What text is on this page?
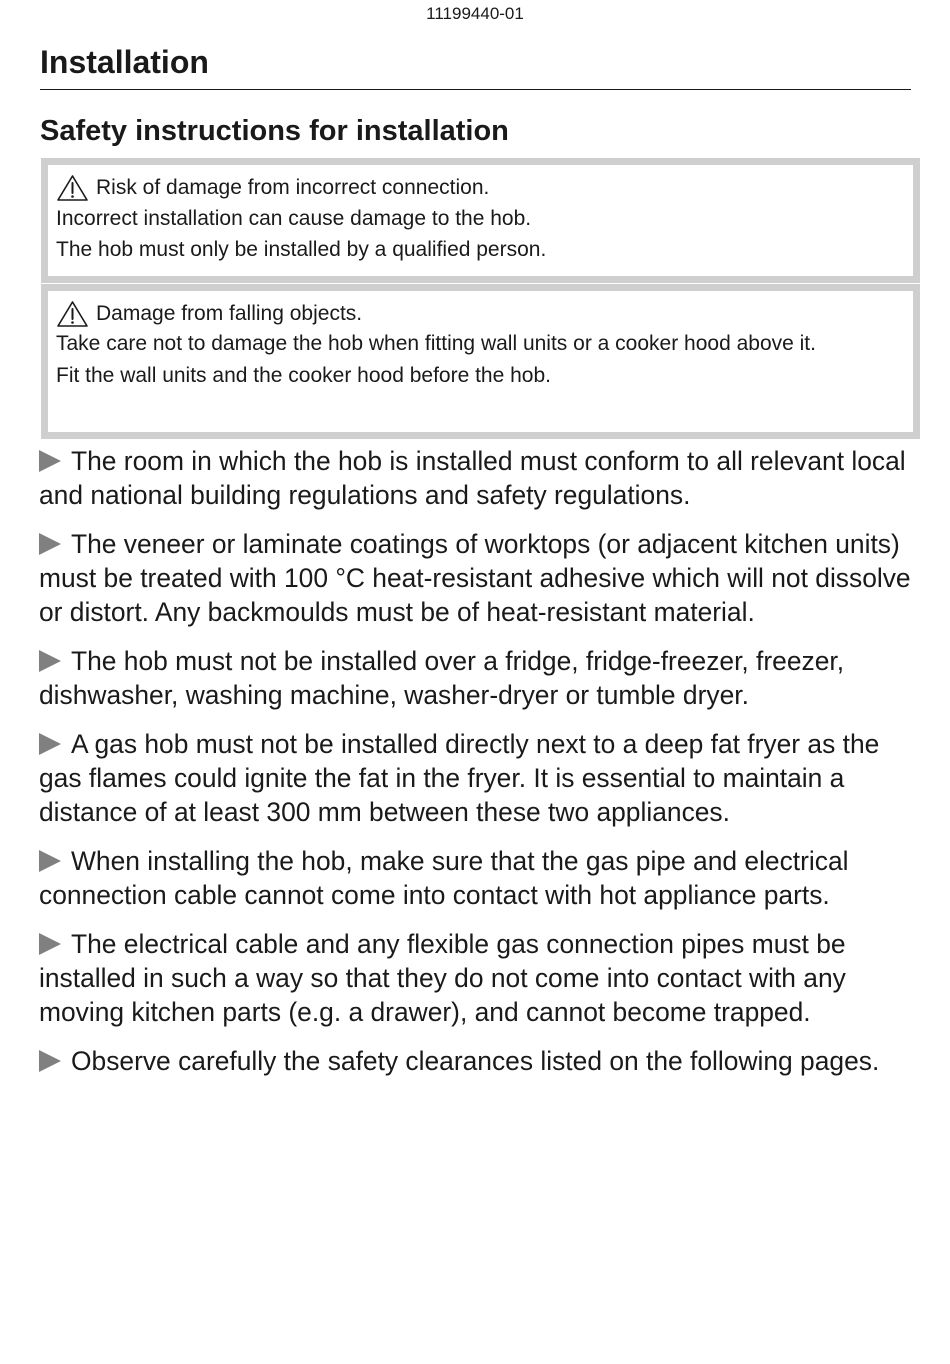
11199440-01
Installation
Safety instructions for installation

Risk of damage from incorrect connection.

Incorrect installation can cause damage to the hob.

The hob must only be installed by a qualified person.

Damage from falling objects.

Take care not to damage the hob when fitting wall units or a cooker hood above it.

Fit the wall units and the cooker hood before the hob.

The room in which the hob is installed must conform to all relevant local and national building regulations and safety regulations.

The veneer or laminate coatings of worktops (or adjacent kitchen units) must be treated with 100 °C heat-resistant adhesive which will not dissolve or distort. Any backmoulds must be of heat-resistant material.

The hob must not be installed over a fridge, fridge-freezer, freezer, dishwasher, washing machine, washer-dryer or tumble dryer.

A gas hob must not be installed directly next to a deep fat fryer as the gas flames could ignite the fat in the fryer. It is essential to maintain a distance of at least 300 mm between these two appliances.

When installing the hob, make sure that the gas pipe and electrical connection cable cannot come into contact with hot appliance parts.

The electrical cable and any flexible gas connection pipes must be installed in such a way so that they do not come into contact with any moving kitchen parts (e.g. a drawer), and cannot become trapped.

Observe carefully the safety clearances listed on the following pages.
